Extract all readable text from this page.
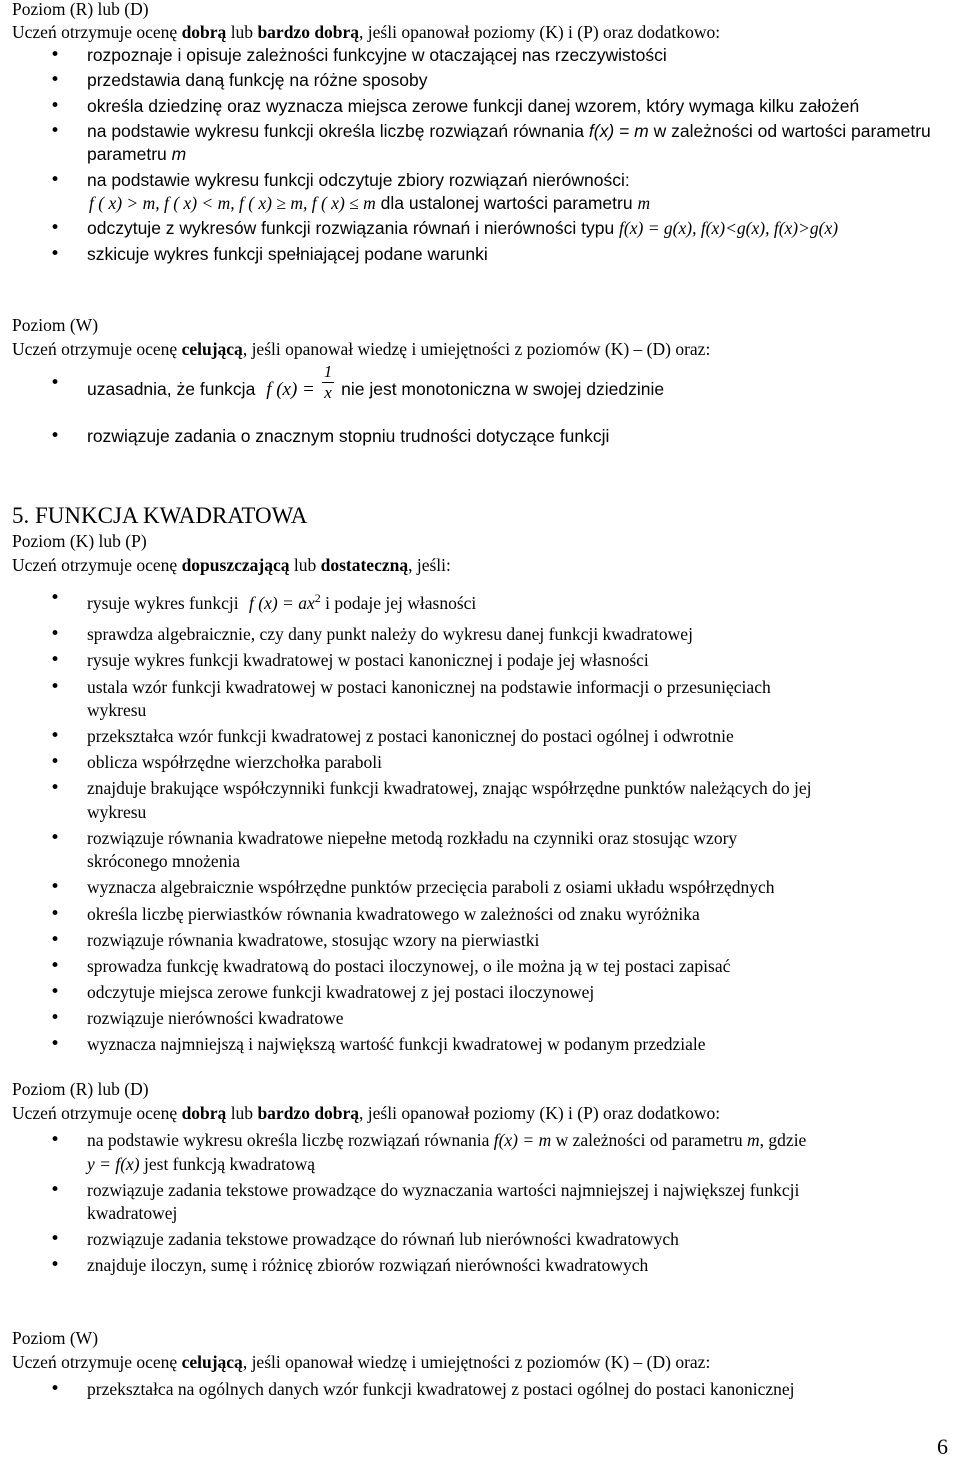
Poziom (R) lub (D)
Uczeń otrzymuje ocenę dobrą lub bardzo dobrą, jeśli opanował poziomy (K) i (P) oraz dodatkowo:
• rozpoznaje i opisuje zależności funkcyjne w otaczającej nas rzeczywistości
• przedstawia daną funkcję na różne sposoby
• określa dziedzinę oraz wyznacza miejsca zerowe funkcji danej wzorem, który wymaga kilku założeń
• na podstawie wykresu funkcji określa liczbę rozwiązań równania f(x) = m w zależności od wartości parametru
parametru m
• na podstawie wykresu funkcji odczytuje zbiory rozwiązań nierówności:
f ( x) > m, f ( x) < m, f ( x) ≥ m, f ( x) ≤ m dla ustalonej wartości parametru m
• odczytuje z wykresów funkcji rozwiązania równań i nierówności typu f(x) = g(x), f(x)<g(x), f(x)>g(x)
• szkicuje wykres funkcji spełniającej podane warunki
Poziom (W)
Uczeń otrzymuje ocenę celującą, jeśli opanował wiedzę i umiejętności z poziomów (K) – (D) oraz:
• uzasadnia, że funkcja f $(x) = \frac{1}{x}$ nie jest monotoniczna w swojej dziedzinie
• rozwiązuje zadania o znacznym stopniu trudności dotyczące funkcji
5. FUNKCJA KWADRATOWA
Poziom (K) lub (P)
Uczeń otrzymuje ocenę dopuszczającą lub dostateczną, jeśli:
• rysuje wykres funkcji f $(x) = ax^2$ i podaje jej własności
• sprawdza algebraicznie, czy dany punkt należy do wykresu danej funkcji kwadratowej
• rysuje wykres funkcji kwadratowej w postaci kanonicznej i podaje jej własności
• ustala wzór funkcji kwadratowej w postaci kanonicznej na podstawie informacji o przesunięciach
wykresu
• przekształca wzór funkcji kwadratowej z postaci kanonicznej do postaci ogólnej i odwrotnie
• oblicza współrzędne wierzchołka paraboli
• znajduje brakujące współczynniki funkcji kwadratowej, znając współrzędne punktów należących do jej
wykresu
• rozwiązuje równania kwadratowe niepełne metodą rozkładu na czynniki oraz stosując wzory
skróconego mnożenia
• wyznacza algebraicznie współrzędne punktów przecięcia paraboli z osiami układu współrzędnych
• określa liczbę pierwiastków równania kwadratowego w zależności od znaku wyróżnika
• rozwiązuje równania kwadratowe, stosując wzory na pierwiastki
• sprowadza funkcję kwadratową do postaci iloczynowej, o ile można ją w tej postaci zapisać
• odczytuje miejsca zerowe funkcji kwadratowej z jej postaci iloczynowej
• rozwiązuje nierówności kwadratowe
• wyznacza najmniejszą i największą wartość funkcji kwadratowej w podanym przedziale
Poziom (R) lub (D)
Uczeń otrzymuje ocenę dobrą lub bardzo dobrą, jeśli opanował poziomy (K) i (P) oraz dodatkowo:
• na podstawie wykresu określa liczbę rozwiązań równania f(x) = m w zależności od parametru m, gdzie
y = f(x) jest funkcją kwadratową
• rozwiązuje zadania tekstowe prowadzące do wyznaczania wartości najmniejszej i największej funkcji
kwadratowej
• rozwiązuje zadania tekstowe prowadzące do równań lub nierówności kwadratowych
• znajduje iloczyn, sumę i różnicę zbiorów rozwiązań nierówności kwadratowych
Poziom (W)
Uczeń otrzymuje ocenę celującą, jeśli opanował wiedzę i umiejętności z poziomów (K) – (D) oraz:
• przekształca na ogólnych danych wzór funkcji kwadratowej z postaci ogólnej do postaci kanonicznej
6
